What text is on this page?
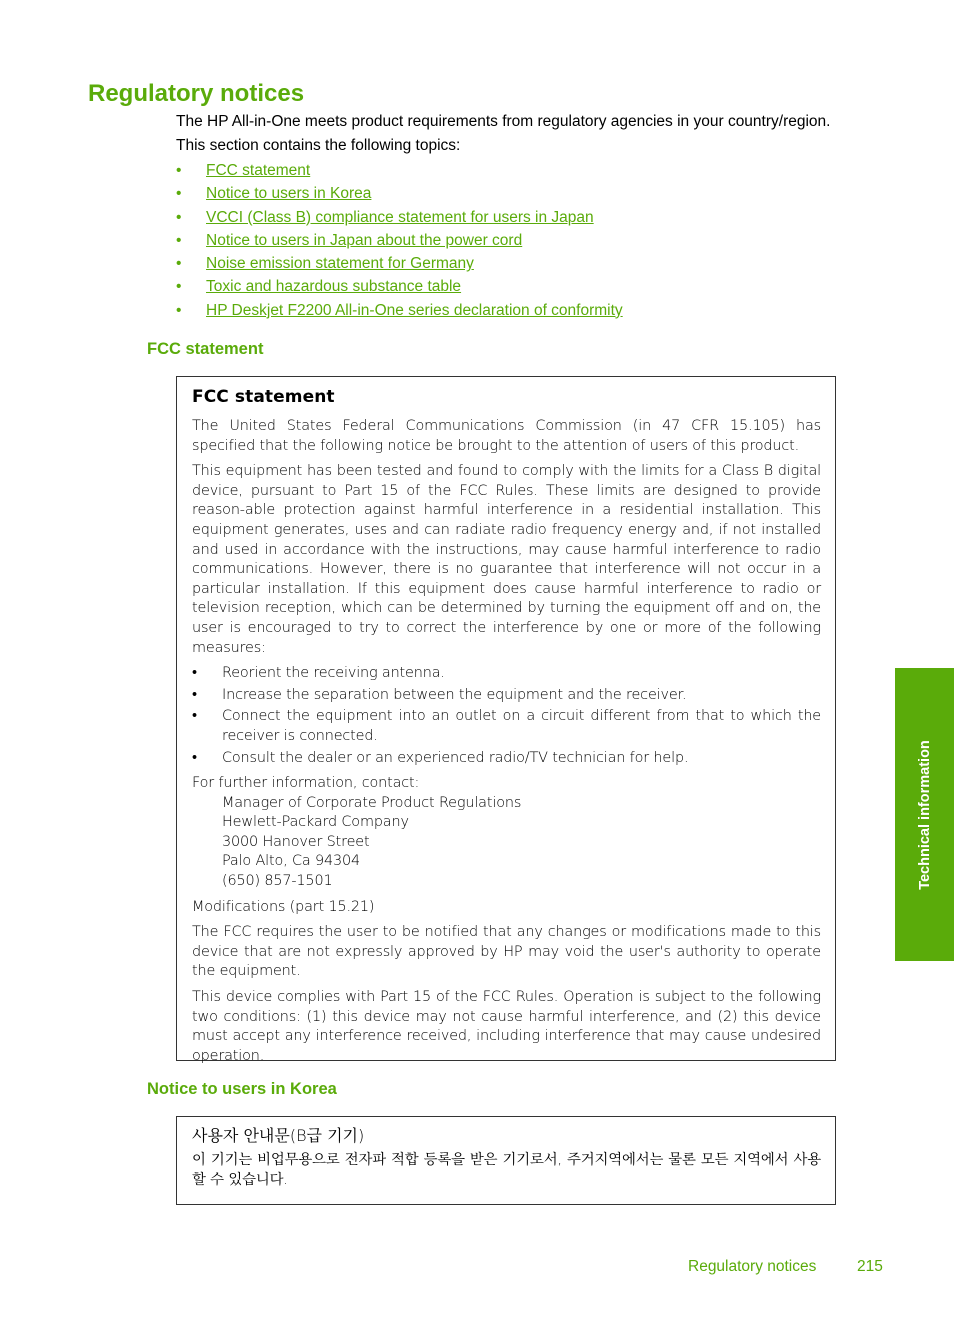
Regulatory notices

The HP All-in-One meets product requirements from regulatory agencies in your country/region.

This section contains the following topics:

• FCC statement
• Notice to users in Korea
• VCCI (Class B) compliance statement for users in Japan
• Notice to users in Japan about the power cord
• Noise emission statement for Germany
• Toxic and hazardous substance table
• HP Deskjet F2200 All-in-One series declaration of conformity
FCC statement
FCC statement

The United States Federal Communications Commission (in 47 CFR 15.105) has specified that the following notice be brought to the attention of users of this product.

This equipment has been tested and found to comply with the limits for a Class B digital device, pursuant to Part 15 of the FCC Rules. These limits are designed to provide reason-able protection against harmful interference in a residential installation. This equipment generates, uses and can radiate radio frequency energy and, if not installed and used in accordance with the instructions, may cause harmful interference to radio communications. However, there is no guarantee that interference will not occur in a particular installation. If this equipment does cause harmful interference to radio or television reception, which can be determined by turning the equipment off and on, the user is encouraged to try to correct the interference by one or more of the following measures:

• Reorient the receiving antenna.
• Increase the separation between the equipment and the receiver.
• Connect the equipment into an outlet on a circuit different from that to which the receiver is connected.
• Consult the dealer or an experienced radio/TV technician for help.

For further information, contact:

Manager of Corporate Product Regulations
Hewlett-Packard Company
3000 Hanover Street
Palo Alto, Ca 94304
(650) 857-1501

Modifications (part 15.21)

The FCC requires the user to be notified that any changes or modifications made to this device that are not expressly approved by HP may void the user's authority to operate the equipment.

This device complies with Part 15 of the FCC Rules. Operation is subject to the following two conditions: (1) this device may not cause harmful interference, and (2) this device must accept any interference received, including interference that may cause undesired operation.

Notice to users in Korea
사용자 안내문(B급 기기)

이 기기는 비업무용으로 전자파 적합 등록을 받은 기기로서, 주거지역에서는 물론 모든 지역에서 사용할 수 있습니다.

Technical information
Regulatory notices	215
